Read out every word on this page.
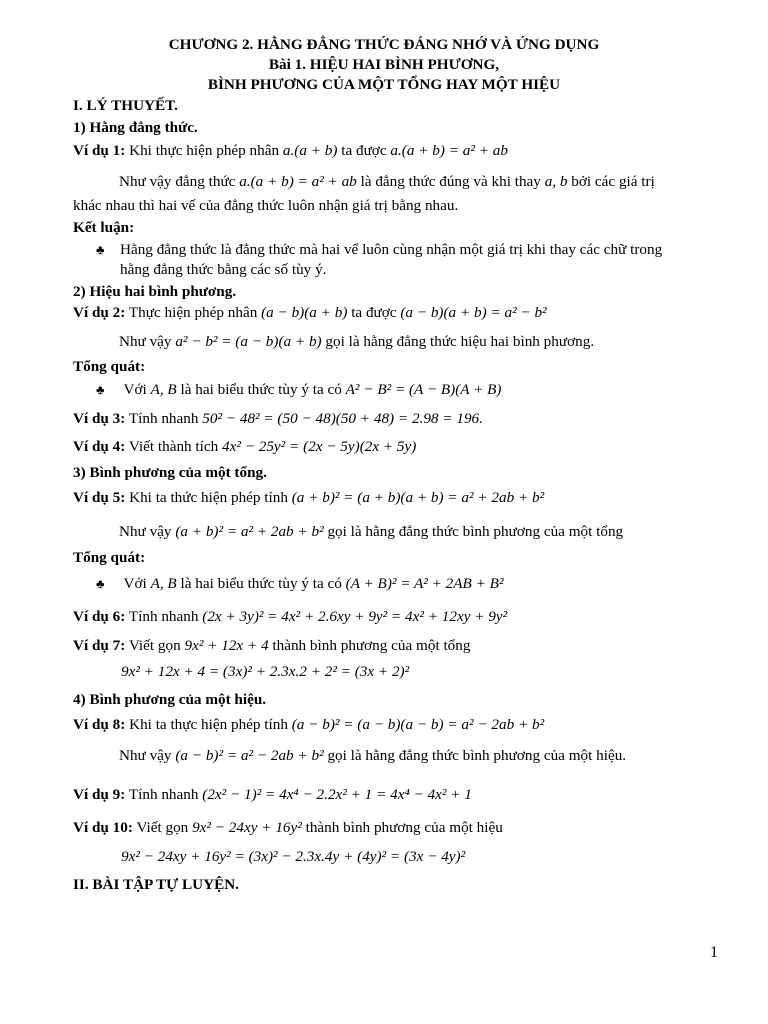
CHƯƠNG 2. HẰNG ĐẲNG THỨC ĐÁNG NHỚ VÀ ỨNG DỤNG
Bài 1. HIỆU HAI BÌNH PHƯƠNG,
BÌNH PHƯƠNG CỦA MỘT TỔNG HAY MỘT HIỆU
I. LÝ THUYẾT.
1) Hằng đẳng thức.
Ví dụ 1: Khi thực hiện phép nhân a.(a + b) ta được a.(a + b) = a² + ab
Như vậy đẳng thức a.(a + b) = a² + ab là đẳng thức đúng và khi thay a, b bởi các giá trị
khác nhau thì hai vế của đẳng thức luôn nhận giá trị bằng nhau.
Kết luận:
♣ Hằng đẳng thức là đẳng thức mà hai vế luôn cùng nhận một giá trị khi thay các chữ trong
hằng đẳng thức bằng các số tùy ý.
2) Hiệu hai bình phương.
Ví dụ 2: Thực hiện phép nhân (a − b)(a + b) ta được (a − b)(a + b) = a² − b²
Như vậy a² − b² = (a − b)(a + b) gọi là hằng đẳng thức hiệu hai bình phương.
Tổng quát:
♣ Với A, B là hai biểu thức tùy ý ta có A² − B² = (A − B)(A + B)
Ví dụ 3: Tính nhanh 50² − 48² = (50 − 48)(50 + 48) = 2.98 = 196.
Ví dụ 4: Viết thành tích 4x² − 25y² = (2x − 5y)(2x + 5y)
3) Bình phương của một tổng.
Ví dụ 5: Khi ta thức hiện phép tính (a + b)² = (a + b)(a + b) = a² + 2ab + b²
Như vậy (a + b)² = a² + 2ab + b² gọi là hằng đẳng thức bình phương của một tổng
Tổng quát:
♣ Với A, B là hai biểu thức tùy ý ta có (A + B)² = A² + 2AB + B²
Ví dụ 6: Tính nhanh (2x + 3y)² = 4x² + 2.6xy + 9y² = 4x² + 12xy + 9y²
Ví dụ 7: Viết gọn 9x² + 12x + 4 thành bình phương của một tổng
9x² + 12x + 4 = (3x)² + 2.3x.2 + 2² = (3x + 2)²
4) Bình phương của một hiệu.
Ví dụ 8: Khi ta thực hiện phép tính (a − b)² = (a − b)(a − b) = a² − 2ab + b²
Như vậy (a − b)² = a² − 2ab + b² gọi là hằng đẳng thức bình phương của một hiệu.
Ví dụ 9: Tính nhanh (2x² − 1)² = 4x⁴ − 2.2x² + 1 = 4x⁴ − 4x² + 1
Ví dụ 10: Viết gọn 9x² − 24xy + 16y² thành bình phương của một hiệu
9x² − 24xy + 16y² = (3x)² − 2.3x.4y + (4y)² = (3x − 4y)²
II. BÀI TẬP TỰ LUYỆN.
1
